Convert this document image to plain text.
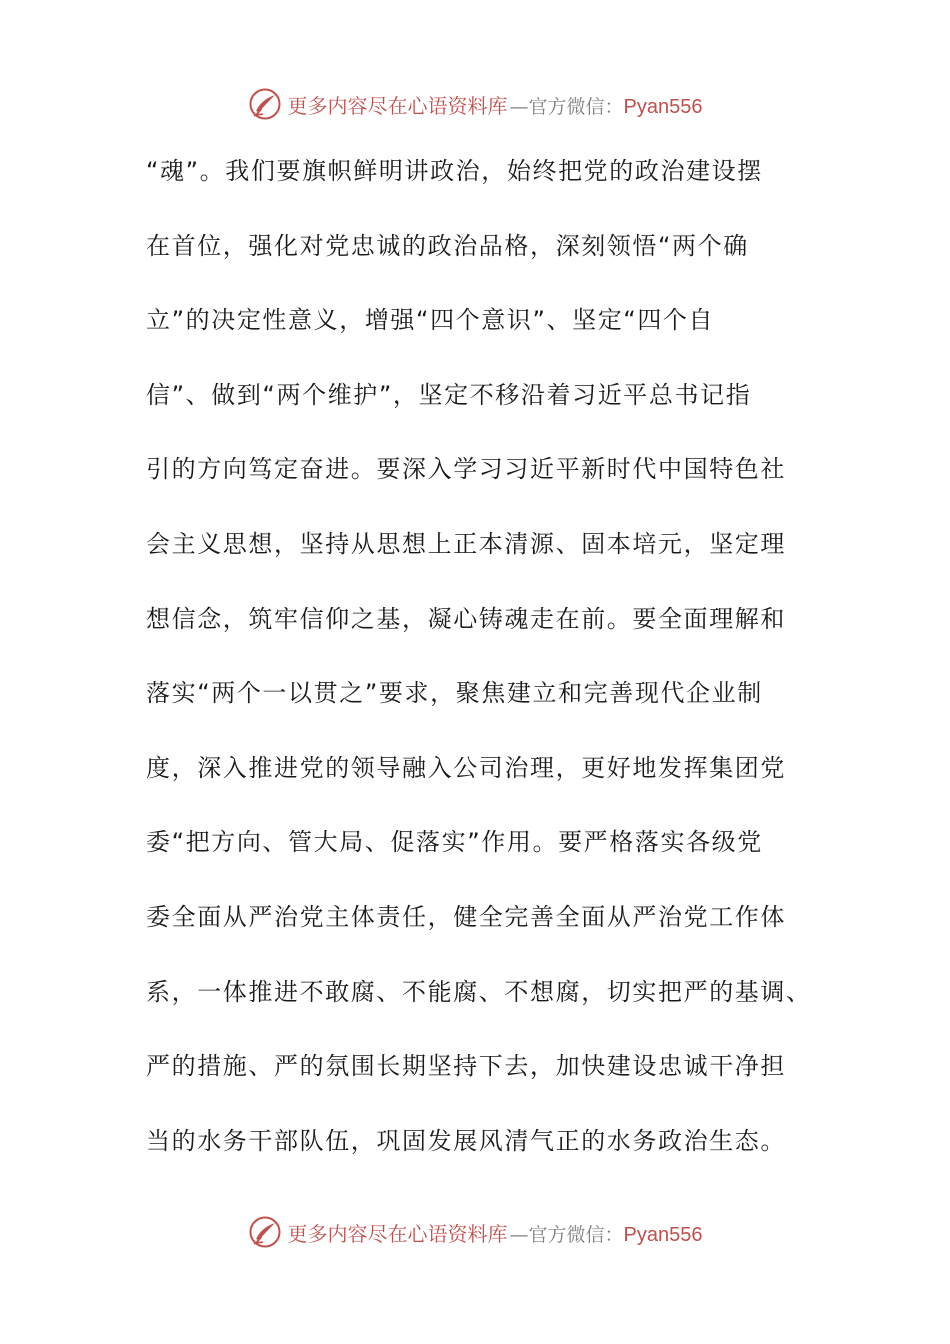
更多内容尽在心语资料库 —官方微信： Pyan556
“魂”。我们要旗帜鲜明讲政治，始终把党的政治建设摆
在首位，强化对党忠诚的政治品格，深刻领悟“两个确
立”的决定性意义，增强“四个意识”、坚定“四个自
信”、做到“两个维护”，坚定不移沿着习近平总书记指
引的方向笃定奋进。要深入学习习近平新时代中国特色社
会主义思想，坚持从思想上正本清源、固本培元，坚定理
想信念，筑牢信仰之基，凝心铸魂走在前。要全面理解和
落实“两个一以贯之”要求，聚焦建立和完善现代企业制
度，深入推进党的领导融入公司治理，更好地发挥集团党
委“把方向、管大局、促落实”作用。要严格落实各级党
委全面从严治党主体责任，健全完善全面从严治党工作体
系，一体推进不敢腐、不能腐、不想腐，切实把严的基调、
严的措施、严的氛围长期坚持下去，加快建设忠诚干净担
当的水务干部队伍，巩固发展风清气正的水务政治生态。
更多内容尽在心语资料库 —官方微信： Pyan556
